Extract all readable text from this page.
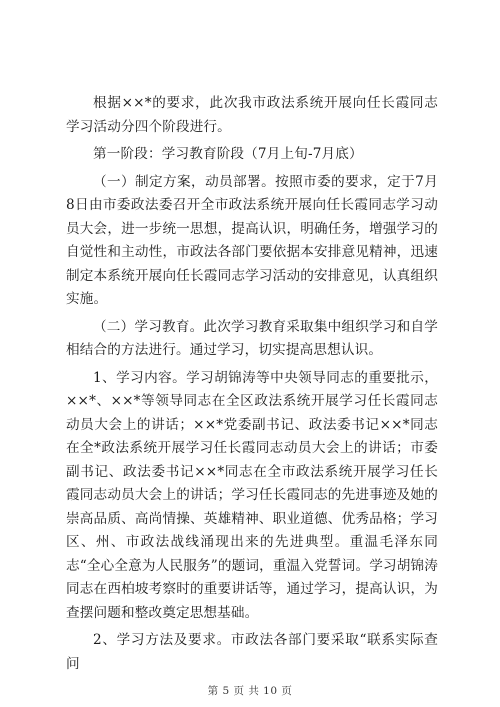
根据××*的要求，此次我市政法系统开展向任长霞同志学习活动分四个阶段进行。

第一阶段：学习教育阶段（7月上旬-7月底）

（一）制定方案，动员部署。按照市委的要求，定于7月8日由市委政法委召开全市政法系统开展向任长霞同志学习动员大会，进一步统一思想，提高认识，明确任务，增强学习的自觉性和主动性，市政法各部门要依据本安排意见精神，迅速制定本系统开展向任长霞同志学习活动的安排意见，认真组织实施。

（二）学习教育。此次学习教育采取集中组织学习和自学相结合的方法进行。通过学习，切实提高思想认识。

1、学习内容。学习胡锦涛等中央领导同志的重要批示，××*、××*等领导同志在全区政法系统开展学习任长霞同志动员大会上的讲话；××*党委副书记、政法委书记××*同志在全*政法系统开展学习任长霞同志动员大会上的讲话；市委副书记、政法委书记××*同志在全市政法系统开展学习任长霞同志动员大会上的讲话；学习任长霞同志的先进事迹及她的崇高品质、高尚情操、英雄精神、职业道德、优秀品格；学习区、州、市政法战线涌现出来的先进典型。重温毛泽东同志“全心全意为人民服务”的题词，重温入党誓词。学习胡锦涛同志在西柏坡考察时的重要讲话等，通过学习，提高认识，为查摆问题和整改奠定思想基础。

2、学习方法及要求。市政法各部门要采取“联系实际查问

第 5 页 共 10 页
